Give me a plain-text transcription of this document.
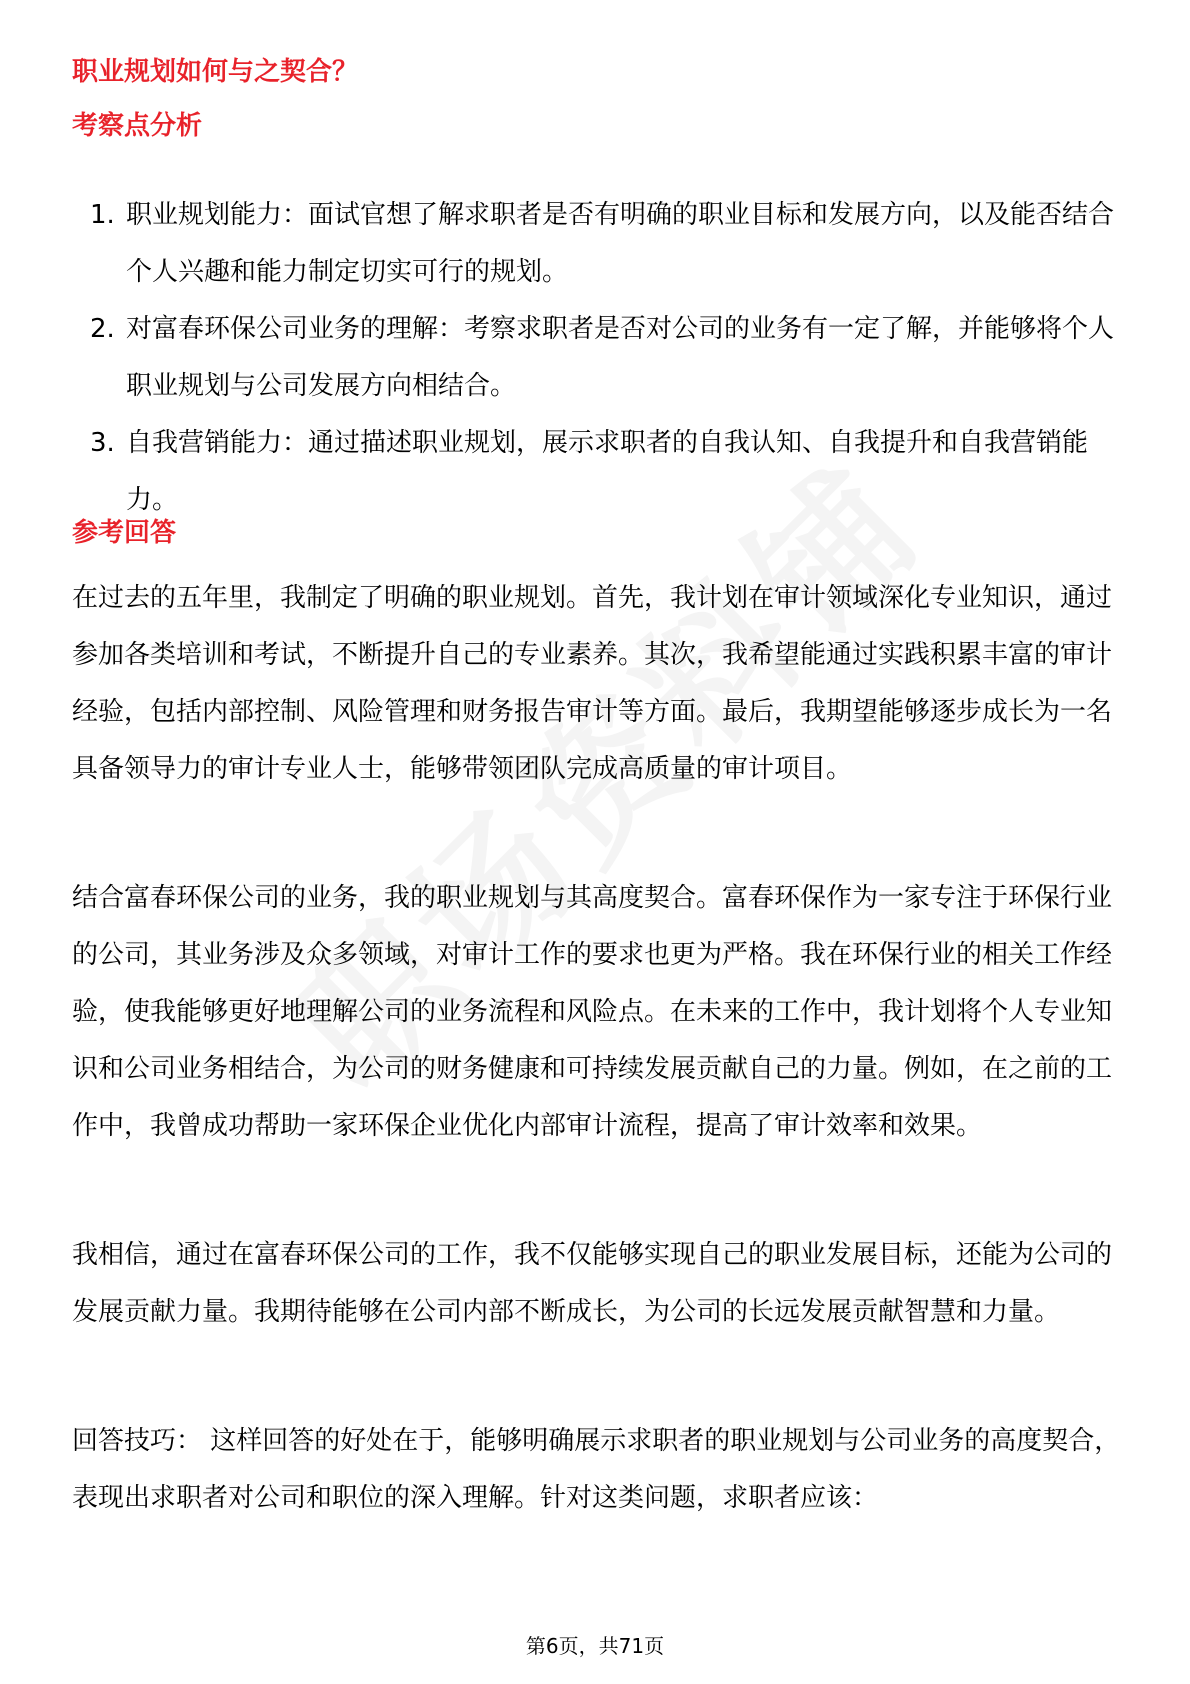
职业规划如何与之契合？
考察点分析
1. 职业规划能力：面试官想了解求职者是否有明确的职业目标和发展方向，以及能否结合个人兴趣和能力制定切实可行的规划。
2. 对富春环保公司业务的理解：考察求职者是否对公司的业务有一定了解，并能够将个人职业规划与公司发展方向相结合。
3. 自我营销能力：通过描述职业规划，展示求职者的自我认知、自我提升和自我营销能力。
参考回答

在过去的五年里，我制定了明确的职业规划。首先，我计划在审计领域深化专业知识，通过参加各类培训和考试，不断提升自己的专业素养。其次，我希望能通过实践积累丰富的审计经验，包括内部控制、风险管理和财务报告审计等方面。最后，我期望能够逐步成长为一名具备领导力的审计专业人士，能够带领团队完成高质量的审计项目。

结合富春环保公司的业务，我的职业规划与其高度契合。富春环保作为一家专注于环保行业的公司，其业务涉及众多领域，对审计工作的要求也更为严格。我在环保行业的相关工作经验，使我能够更好地理解公司的业务流程和风险点。在未来的工作中，我计划将个人专业知识和公司业务相结合，为公司的财务健康和可持续发展贡献自己的力量。例如，在之前的工作中，我曾成功帮助一家环保企业优化内部审计流程，提高了审计效率和效果。

我相信，通过在富春环保公司的工作，我不仅能够实现自己的职业发展目标，还能为公司的发展贡献力量。我期待能够在公司内部不断成长，为公司的长远发展贡献智慧和力量。

回答技巧： 这样回答的好处在于，能够明确展示求职者的职业规划与公司业务的高度契合，表现出求职者对公司和职位的深入理解。针对这类问题，求职者应该：

第6页，共71页
